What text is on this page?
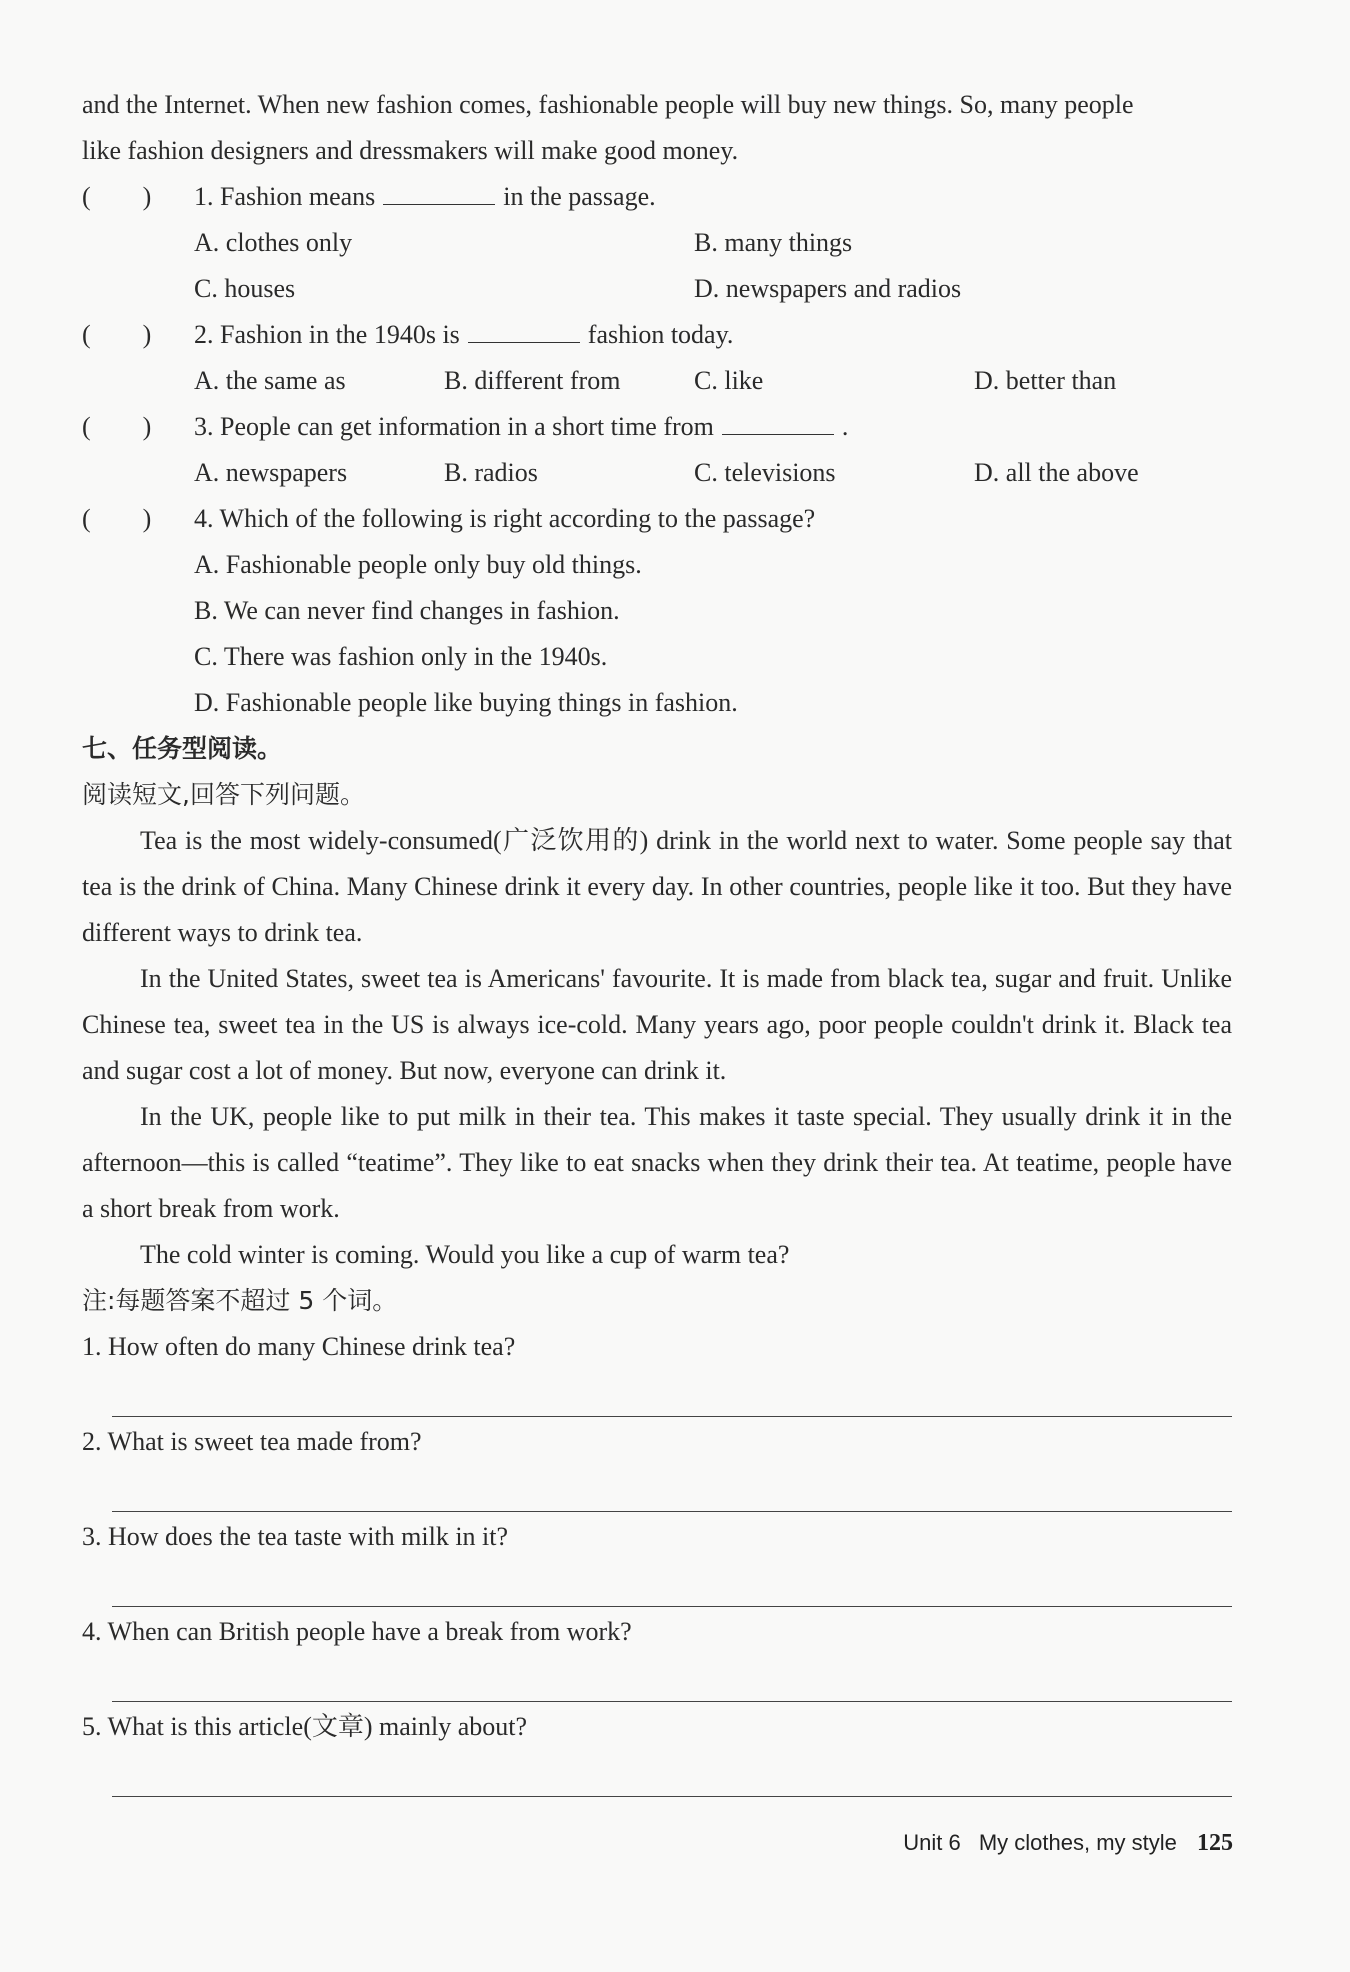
and the Internet. When new fashion comes, fashionable people will buy new things. So, many people
like fashion designers and dressmakers will make good money.
(        )	1. Fashion means	in the passage.
A. clothes only	B. many things
C. houses	D. newspapers and radios
(        )	2. Fashion in the 1940s is	fashion today.
A. the same as	B. different from	C. like	D. better than
(        )	3. People can get information in a short time from	.
A. newspapers	B. radios	C. televisions	D. all the above
(        )	4. Which of the following is right according to the passage?
A. Fashionable people only buy old things.
B. We can never find changes in fashion.
C. There was fashion only in the 1940s.
D. Fashionable people like buying things in fashion.
七、任务型阅读。
阅读短文,回答下列问题。
Tea is the most widely-consumed(广泛饮用的) drink in the world next to water. Some people say that tea is the drink of China. Many Chinese drink it every day. In other countries, people like it too. But they have different ways to drink tea.
In the United States, sweet tea is Americans' favourite. It is made from black tea, sugar and fruit. Unlike Chinese tea, sweet tea in the US is always ice-cold. Many years ago, poor people couldn't drink it. Black tea and sugar cost a lot of money. But now, everyone can drink it.
In the UK, people like to put milk in their tea. This makes it taste special. They usually drink it in the afternoon—this is called “teatime”. They like to eat snacks when they drink their tea. At teatime, people have a short break from work.
The cold winter is coming. Would you like a cup of warm tea?
注:每题答案不超过 5 个词。
1. How often do many Chinese drink tea?
2. What is sweet tea made from?
3. How does the tea taste with milk in it?
4. When can British people have a break from work?
5. What is this article(文章) mainly about?
Unit 6 My clothes, my style 125
